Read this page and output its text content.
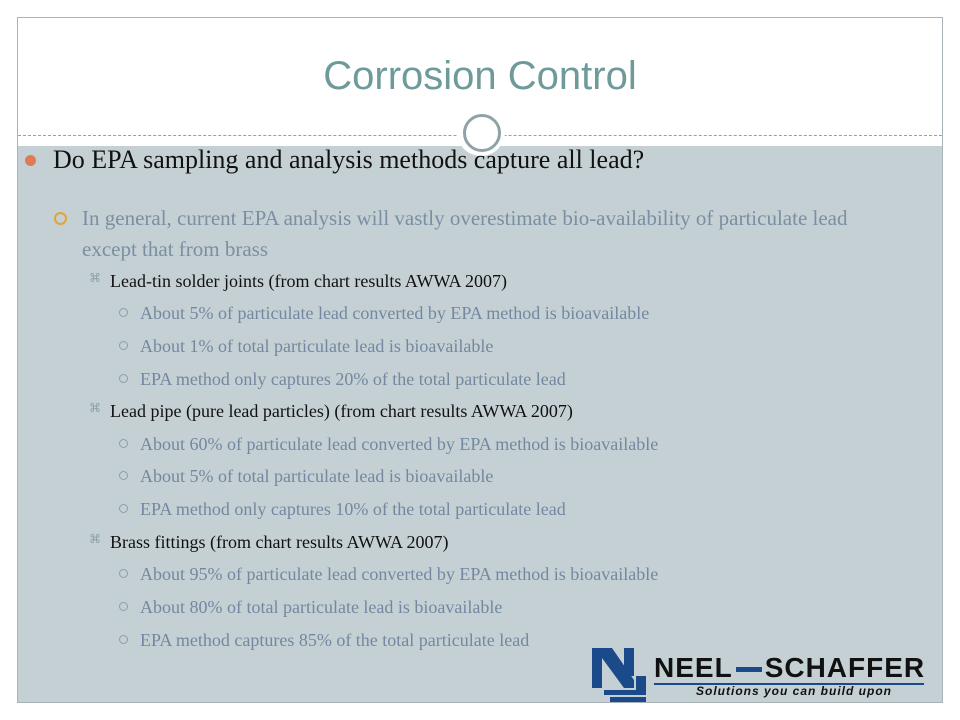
Corrosion Control
Do EPA sampling and analysis methods capture all lead?
In general, current EPA analysis will vastly overestimate bio-availability of particulate lead except that from brass
⌘ Lead-tin solder joints (from chart results AWWA 2007)
About 5% of particulate lead converted by EPA method is bioavailable
About 1% of total particulate lead is bioavailable
EPA method only captures 20% of the total particulate lead
⌘ Lead pipe (pure lead particles) (from chart results AWWA 2007)
About 60% of particulate lead converted by EPA method is bioavailable
About 5% of total particulate lead is bioavailable
EPA method only captures 10% of the total particulate lead
⌘ Brass fittings (from chart results AWWA 2007)
About 95% of particulate lead converted by EPA method is bioavailable
About 80% of total particulate lead is bioavailable
EPA method captures 85% of the total particulate lead
NEEL SCHAFFER
Solutions you can build upon
